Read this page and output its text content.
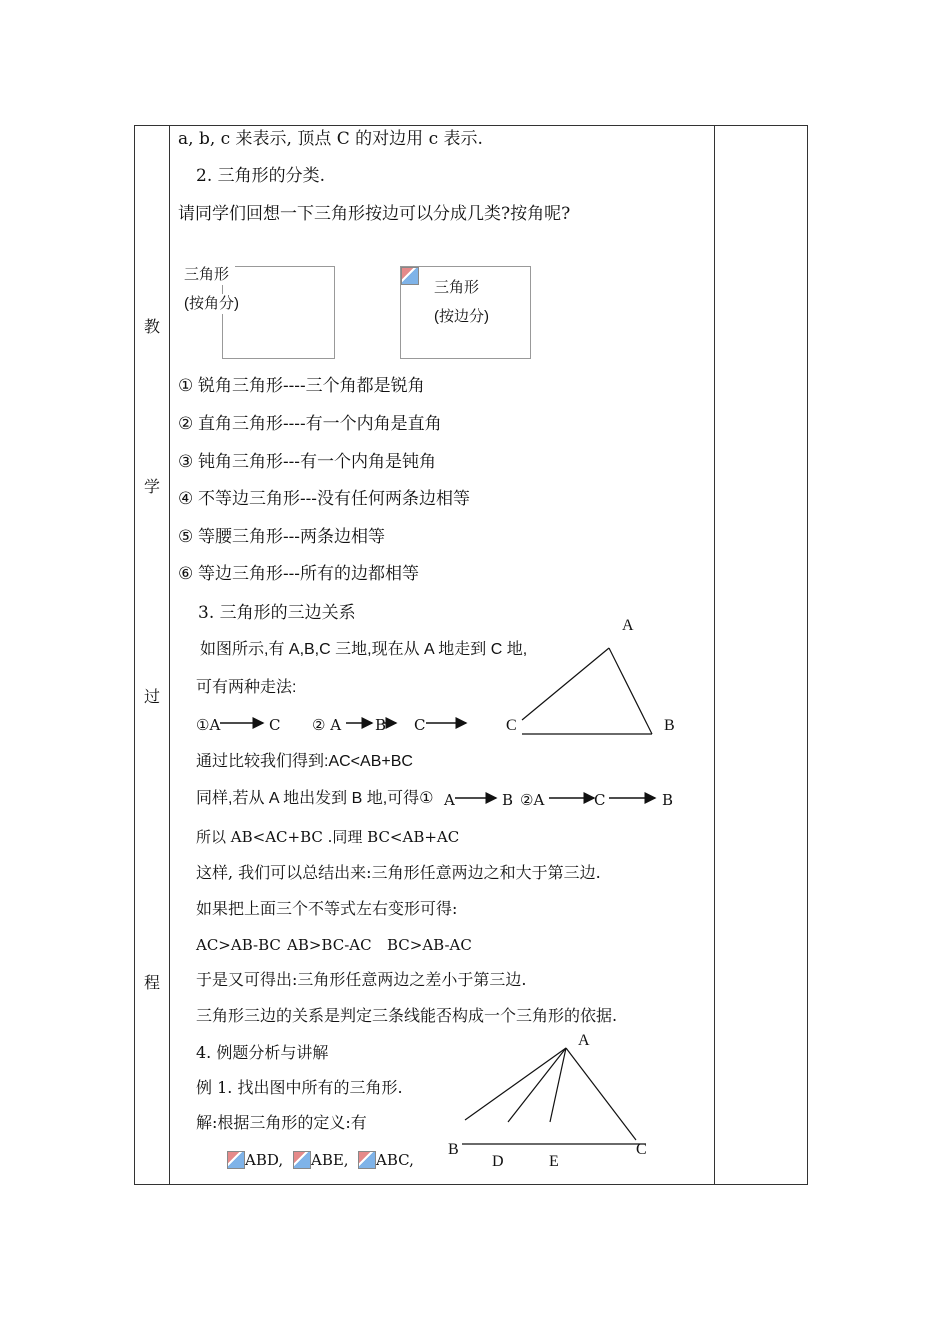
教
学
过
程
a, b, c 来表示, 顶点 C 的对边用 c 表示.
2. 三角形的分类.
请同学们回想一下三角形按边可以分成几类?按角呢?
三角形
(按角分)
三角形
(按边分)
① 锐角三角形----三个角都是锐角
② 直角三角形----有一个内角是直角
③ 钝角三角形---有一个内角是钝角
④ 不等边三角形---没有任何两条边相等
⑤ 等腰三角形---两条边相等
⑥ 等边三角形---所有的边都相等
3. 三角形的三边关系
如图所示,有 A,B,C 三地,现在从 A 地走到 C 地,
可有两种走法:
①A	C ② A B C
通过比较我们得到:AC<AB+BC
同样,若从 A 地出发到 B 地,可得① A	B ②A	C	B
所以 AB<AC+BC .同理 BC<AB+AC
这样, 我们可以总结出来:三角形任意两边之和大于第三边.
如果把上面三个不等式左右变形可得:
AC>AB-BC AB>BC-AC BC>AB-AC
于是又可得出:三角形任意两边之差小于第三边.
三角形三边的关系是判定三条线能否构成一个三角形的依据.
4. 例题分析与讲解
例 1. 找出图中所有的三角形.
解:根据三角形的定义:有
ABD, ABE, ABC,
A
B
C
A
B	C
D	E
